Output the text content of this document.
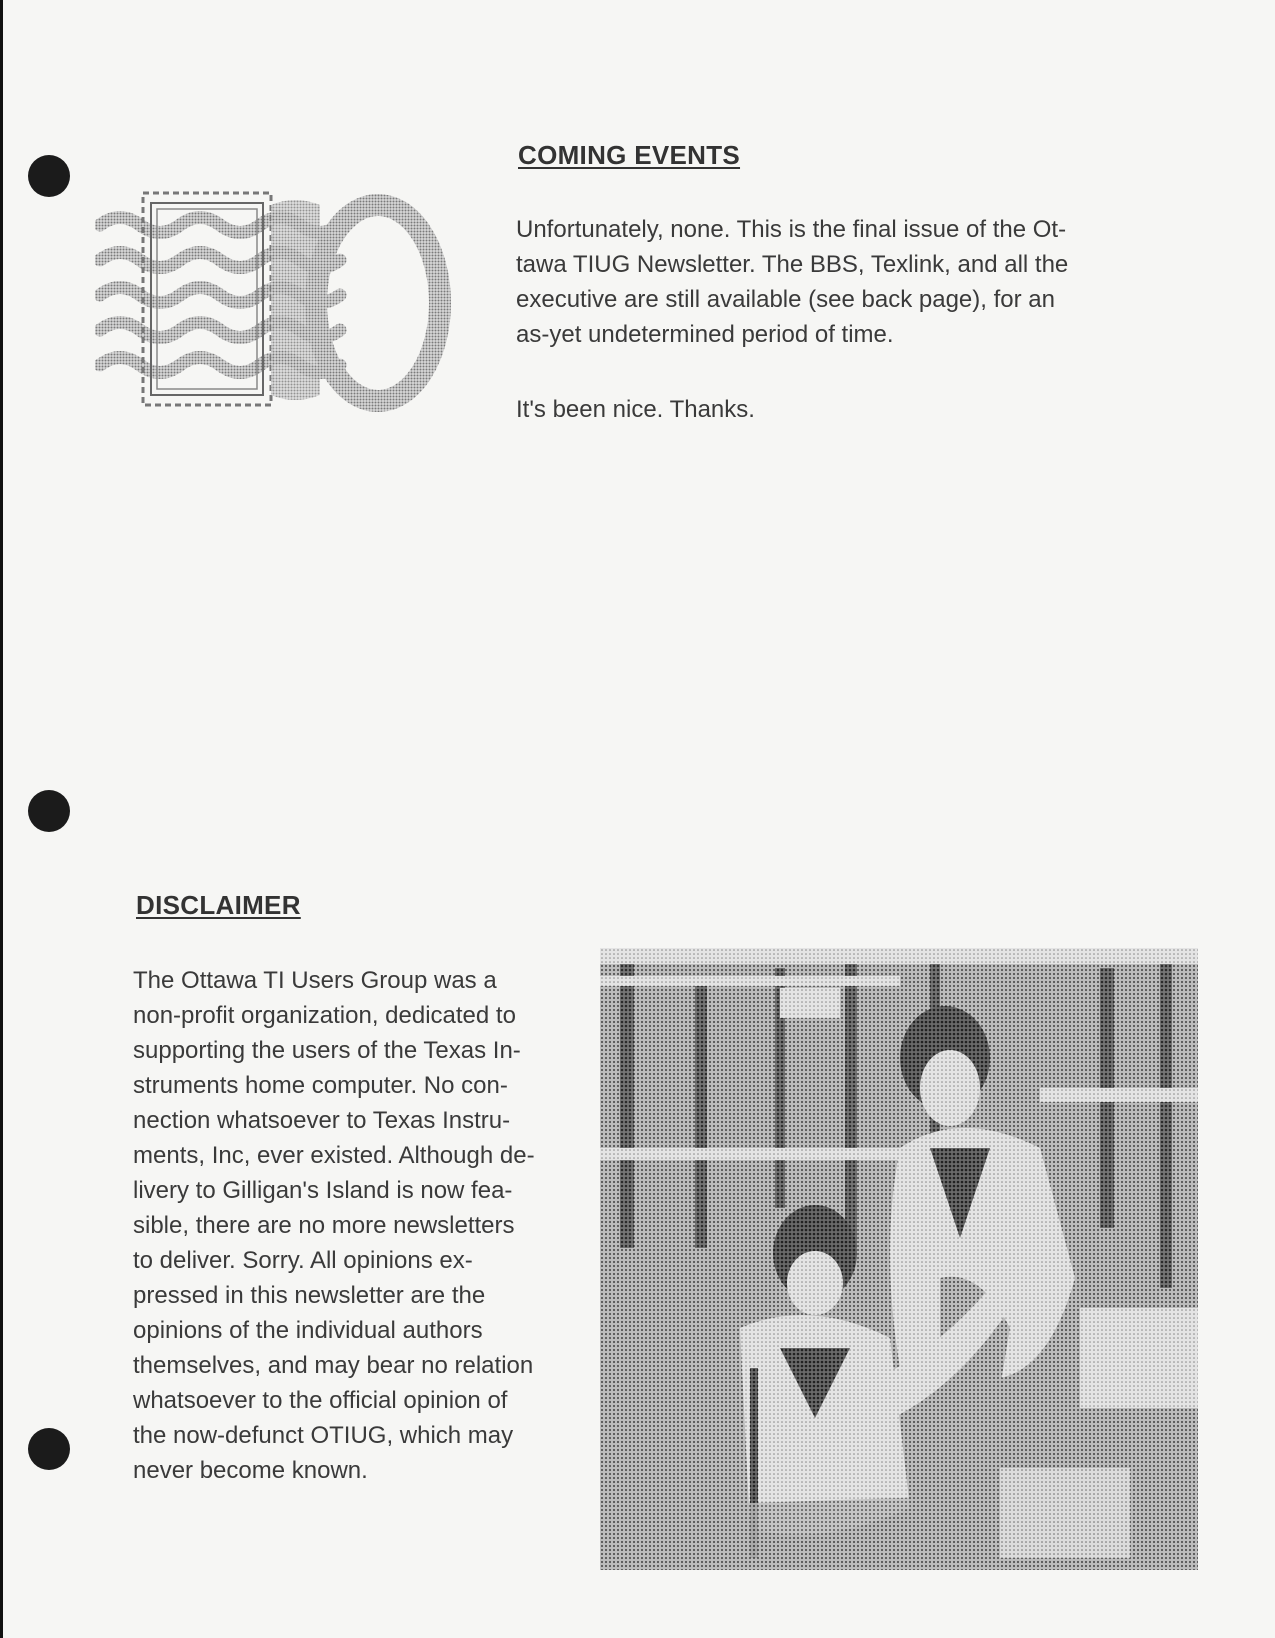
COMING EVENTS
Unfortunately, none. This is the final issue of the Ot-
tawa TIUG Newsletter. The BBS, Texlink, and all the
executive are still available (see back page), for an
as-yet undetermined period of time.
It's been nice. Thanks.
DISCLAIMER
The Ottawa TI Users Group was a
non-profit organization, dedicated to
supporting the users of the Texas In-
struments home computer. No con-
nection whatsoever to Texas Instru-
ments, Inc, ever existed. Although de-
livery to Gilligan's Island is now fea-
sible, there are no more newsletters
to deliver. Sorry. All opinions ex-
pressed in this newsletter are the
opinions of the individual authors
themselves, and may bear no relation
whatsoever to the official opinion of
the now-defunct OTIUG, which may
never become known.
